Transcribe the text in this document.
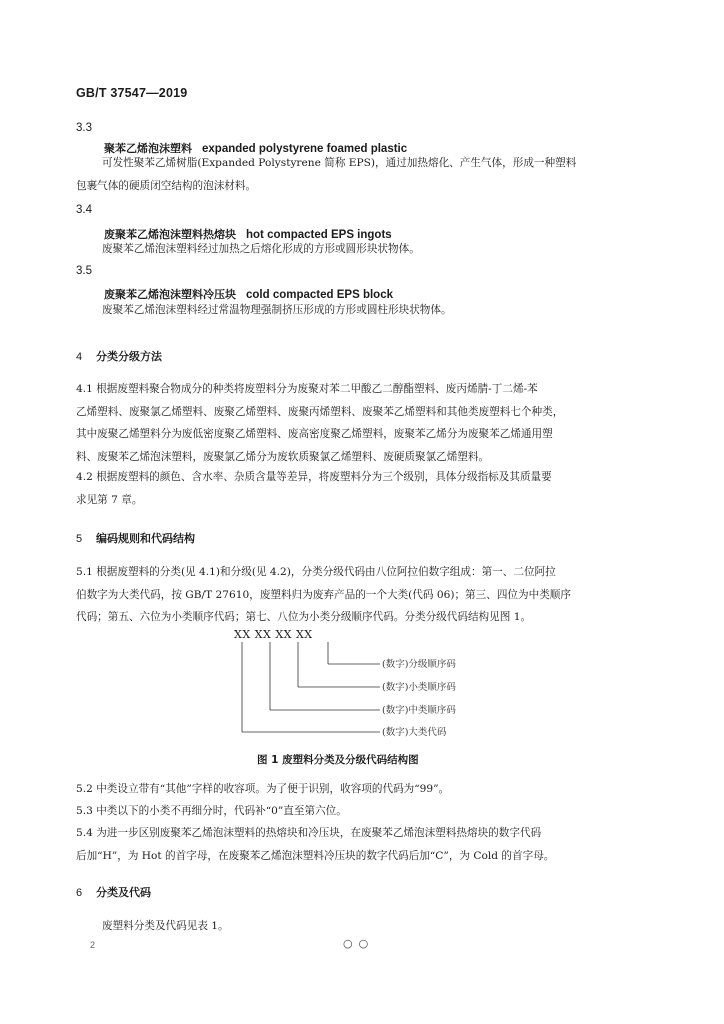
GB/T 37547—2019
3.3
聚苯乙烯泡沫塑料 expanded polystyrene foamed plastic
可发性聚苯乙烯树脂(Expanded Polystyrene 简称 EPS)，通过加热熔化、产生气体，形成一种塑料
包裹气体的硬质闭空结构的泡沫材料。
3.4
废聚苯乙烯泡沫塑料热熔块 hot compacted EPS ingots
废聚苯乙烯泡沫塑料经过加热之后熔化形成的方形或圆形块状物体。
3.5
废聚苯乙烯泡沫塑料冷压块 cold compacted EPS block
废聚苯乙烯泡沫塑料经过常温物理强制挤压形成的方形或圆柱形块状物体。
4 分类分级方法
4.1 根据废塑料聚合物成分的种类将废塑料分为废聚对苯二甲酸乙二醇酯塑料、废丙烯腈-丁二烯-苯
乙烯塑料、废聚氯乙烯塑料、废聚乙烯塑料、废聚丙烯塑料、废聚苯乙烯塑料和其他类废塑料七个种类，
其中废聚乙烯塑料分为废低密度聚乙烯塑料、废高密度聚乙烯塑料，废聚苯乙烯分为废聚苯乙烯通用塑
料、废聚苯乙烯泡沫塑料，废聚氯乙烯分为废软质聚氯乙烯塑料、废硬质聚氯乙烯塑料。
4.2 根据废塑料的颜色、含水率、杂质含量等差异，将废塑料分为三个级别，具体分级指标及其质量要
求见第 7 章。
5 编码规则和代码结构
5.1 根据废塑料的分类(见 4.1)和分级(见 4.2)，分类分级代码由八位阿拉伯数字组成：第一、二位阿拉
伯数字为大类代码，按 GB/T 27610，废塑料归为废弃产品的一个大类(代码 06)；第三、四位为中类顺序
代码；第五、六位为小类顺序代码；第七、八位为小类分级顺序代码。分类分级代码结构见图 1。
XX XX XX XX
(数字)分级顺序码
(数字)小类顺序码
(数字)中类顺序码
(数字)大类代码
图 1 废塑料分类及分级代码结构图
5.2 中类设立带有“其他”字样的收容项。为了便于识别，收容项的代码为“99”。
5.3 中类以下的小类不再细分时，代码补“0”直至第六位。
5.4 为进一步区别废聚苯乙烯泡沫塑料的热熔块和冷压块，在废聚苯乙烯泡沫塑料热熔块的数字代码
后加“H”，为 Hot 的首字母，在废聚苯乙烯泡沫塑料冷压块的数字代码后加“C”，为 Cold 的首字母。
6 分类及代码
废塑料分类及代码见表 1。
2	○○
